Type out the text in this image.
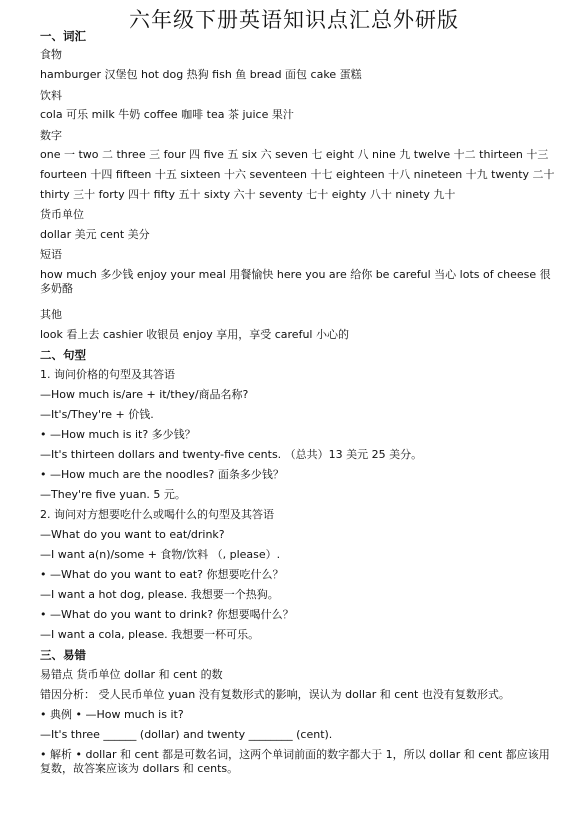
六年级下册英语知识点汇总外研版
一、词汇
食物
hamburger 汉堡包 hot dog 热狗 fish 鱼 bread 面包 cake 蛋糕
饮料
cola 可乐 milk 牛奶 coffee 咖啡 tea 茶 juice 果汁
数字
one 一 two 二 three 三 four 四 five 五 six 六 seven 七 eight 八 nine 九 twelve 十二 thirteen 十三
fourteen 十四 fifteen 十五 sixteen 十六 seventeen 十七 eighteen 十八 nineteen 十九 twenty 二十
thirty 三十 forty 四十 fifty 五十 sixty 六十 seventy 七十 eighty 八十 ninety 九十
货币单位
dollar 美元 cent 美分
短语
how much 多少钱 enjoy your meal 用餐愉快 here you are 给你 be careful 当心 lots of cheese 很多奶酪
其他
look 看上去 cashier 收银员 enjoy 享用，享受 careful 小心的
二、句型
1. 询问价格的句型及其答语
—How much is/are + it/they/商品名称?
—It's/They're + 价钱.
• —How much is it? 多少钱？
—It's thirteen dollars and twenty-five cents. （总共）13 美元 25 美分。
• —How much are the noodles? 面条多少钱？
—They're five yuan. 5 元。
2. 询问对方想要吃什么或喝什么的句型及其答语
—What do you want to eat/drink?
—I want a(n)/some + 食物/饮料 （, please）.
• —What do you want to eat? 你想要吃什么？
—I want a hot dog, please. 我想要一个热狗。
• —What do you want to drink? 你想要喝什么？
—I want a cola, please. 我想要一杯可乐。
三、易错
易错点 货币单位 dollar 和 cent 的数
错因分析： 受人民币单位 yuan 没有复数形式的影响，误认为 dollar 和 cent 也没有复数形式。
• 典例 • —How much is it?
—It's three ______ (dollar) and twenty ________ (cent).
• 解析 • dollar 和 cent 都是可数名词，这两个单词前面的数字都大于 1，所以 dollar 和 cent 都应该用复数，故答案应该为 dollars 和 cents。
